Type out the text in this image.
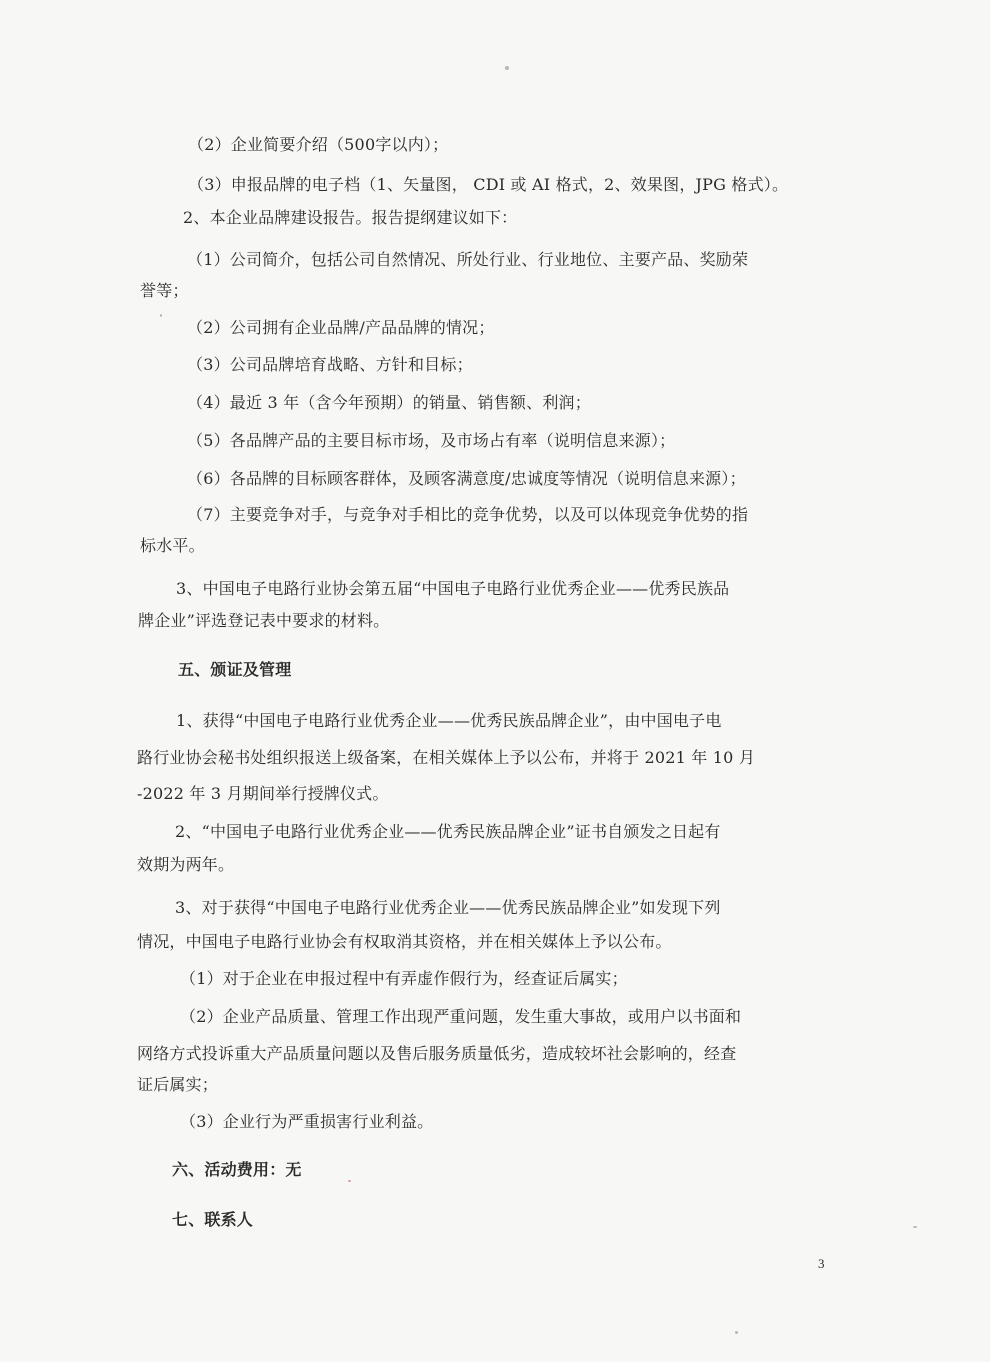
（2）企业简要介绍（500字以内）；
（3）申报品牌的电子档（1、矢量图， CDI 或 AI 格式，2、效果图，JPG 格式）。
2、本企业品牌建设报告。报告提纲建议如下：
（1）公司简介，包括公司自然情况、所处行业、行业地位、主要产品、奖励荣
誉等；
（2）公司拥有企业品牌/产品品牌的情况；
（3）公司品牌培育战略、方针和目标；
（4）最近 3 年（含今年预期）的销量、销售额、利润；
（5）各品牌产品的主要目标市场，及市场占有率（说明信息来源）；
（6）各品牌的目标顾客群体，及顾客满意度/忠诚度等情况（说明信息来源）；
（7）主要竞争对手，与竞争对手相比的竞争优势，以及可以体现竞争优势的指
标水平。
3、中国电子电路行业协会第五届“中国电子电路行业优秀企业——优秀民族品
牌企业”评选登记表中要求的材料。
五、颁证及管理
1、获得“中国电子电路行业优秀企业——优秀民族品牌企业”，由中国电子电
路行业协会秘书处组织报送上级备案，在相关媒体上予以公布，并将于 2021 年 10 月
-2022 年 3 月期间举行授牌仪式。
2、“中国电子电路行业优秀企业——优秀民族品牌企业”证书自颁发之日起有
效期为两年。
3、对于获得“中国电子电路行业优秀企业——优秀民族品牌企业”如发现下列
情况，中国电子电路行业协会有权取消其资格，并在相关媒体上予以公布。
（1）对于企业在申报过程中有弄虚作假行为，经查证后属实；
（2）企业产品质量、管理工作出现严重问题，发生重大事故，或用户以书面和
网络方式投诉重大产品质量问题以及售后服务质量低劣，造成较坏社会影响的，经查
证后属实；
（3）企业行为严重损害行业利益。
六、活动费用：无
七、联系人
3
